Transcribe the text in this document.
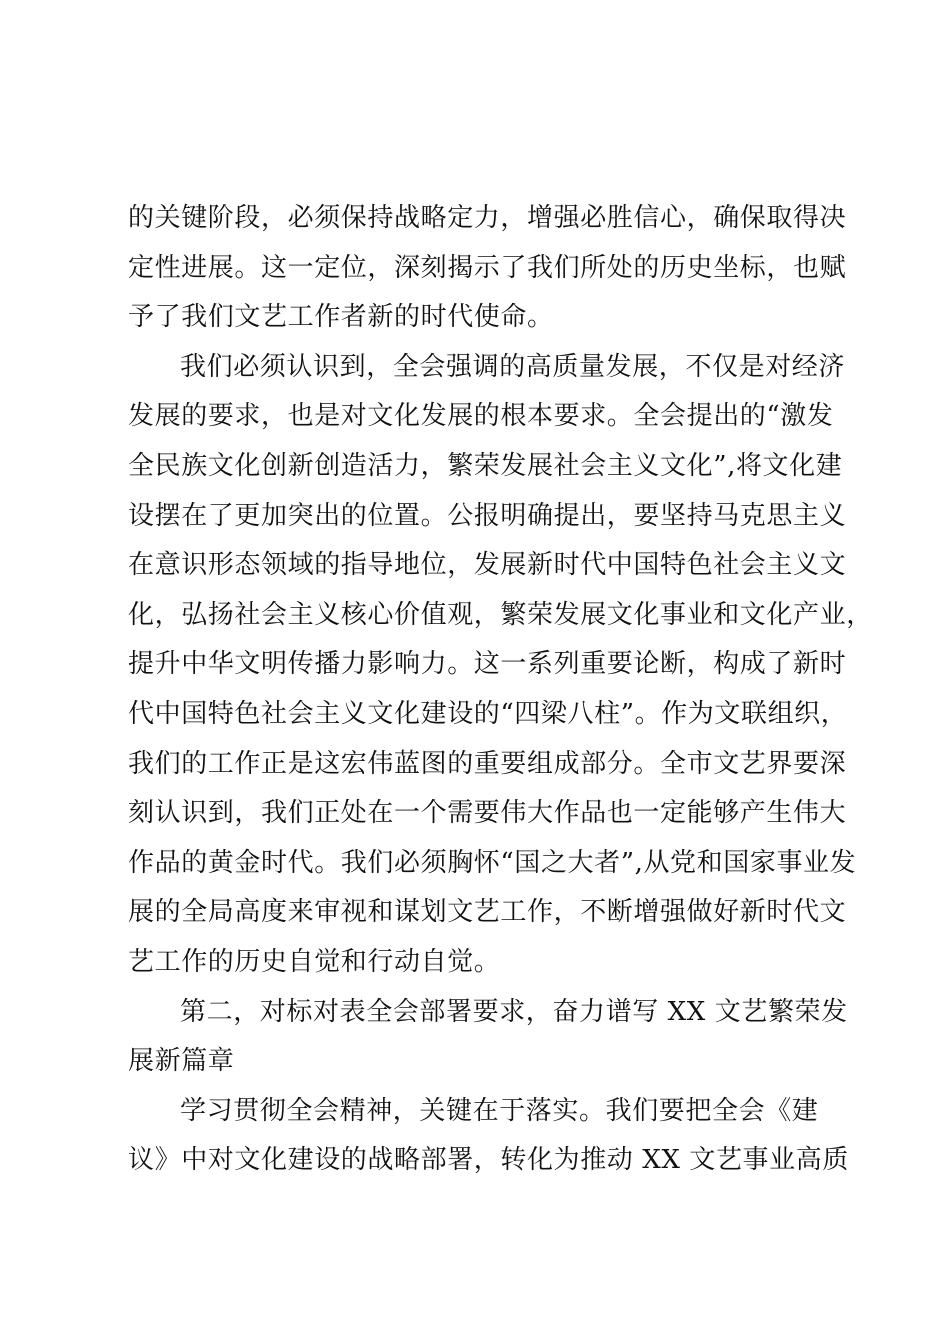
的关键阶段，必须保持战略定力，增强必胜信心，确保取得决
定性进展。这一定位，深刻揭示了我们所处的历史坐标，也赋
予了我们文艺工作者新的时代使命。
我们必须认识到，全会强调的高质量发展，不仅是对经济
发展的要求，也是对文化发展的根本要求。全会提出的“激发
全民族文化创新创造活力，繁荣发展社会主义文化”,将文化建
设摆在了更加突出的位置。公报明确提出，要坚持马克思主义
在意识形态领域的指导地位，发展新时代中国特色社会主义文
化，弘扬社会主义核心价值观，繁荣发展文化事业和文化产业，
提升中华文明传播力影响力。这一系列重要论断，构成了新时
代中国特色社会主义文化建设的“四梁八柱”。作为文联组织，
我们的工作正是这宏伟蓝图的重要组成部分。全市文艺界要深
刻认识到，我们正处在一个需要伟大作品也一定能够产生伟大
作品的黄金时代。我们必须胸怀“国之大者”,从党和国家事业发
展的全局高度来审视和谋划文艺工作，不断增强做好新时代文
艺工作的历史自觉和行动自觉。
第二，对标对表全会部署要求，奋力谱写 XX 文艺繁荣发
展新篇章
学习贯彻全会精神，关键在于落实。我们要把全会《建
议》中对文化建设的战略部署，转化为推动 XX 文艺事业高质
